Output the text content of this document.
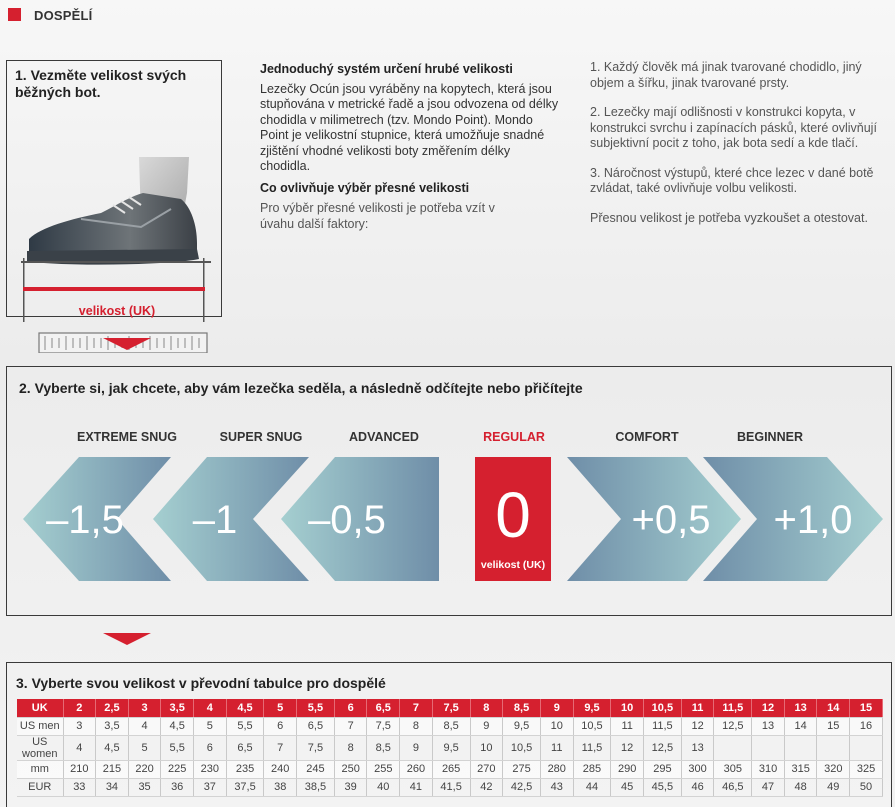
DOSPĚLÍ
1. Vezměte velikost svých běžných bot.
velikost (UK)
Jednoduchý systém určení hrubé velikosti
Lezečky Ocún jsou vyráběny na kopytech, která jsou stupňována v metrické řadě a jsou odvozena od délky chodidla v milimetrech (tzv. Mondo Point). Mondo Point je velikostní stupnice, která umožňuje snadné zjištění vhodné velikosti boty změřením délky chodidla.
Co ovlivňuje výběr přesné velikosti
Pro výběr přesné velikosti je potřeba vzít v úvahu další faktory:

1. Každý člověk má jinak tvarované chodidlo, jiný objem a šířku, jinak tvarované prsty.

2. Lezečky mají odlišnosti v konstrukci kopyta, v konstrukci svrchu i zapínacích pásků, které ovlivňují subjektivní pocit z toho, jak bota sedí a kde tlačí.

3. Náročnost výstupů, které chce lezec v dané botě zvládat, také ovlivňuje volbu velikosti.

Přesnou velikost je potřeba vyzkoušet a otestovat.

2. Vyberte si, jak chcete, aby vám lezečka seděla, a následně odčítejte nebo přičítejte
EXTREME SNUG	SUPER SNUG	ADVANCED	REGULAR	COMFORT	BEGINNER
–1,5 –1 –0,5 0
velikost (UK)
+0,5 +1,0
3. Vyberte svou velikost v převodní tabulce pro dospělé
UK	2	2,5	3	3,5	4	4,5	5	5,5	6	6,5	7	7,5	8	8,5	9	9,5	10	10,5	11	11,5	12	13	14	15
US men	3	3,5	4	4,5	5	5,5	6	6,5	7	7,5	8	8,5	9	9,5	10	10,5	11	11,5	12	12,5	13	14	15	16
US women	4	4,5	5	5,5	6	6,5	7	7,5	8	8,5	9	9,5	10	10,5	11	11,5	12	12,5	13					
mm	210	215	220	225	230	235	240	245	250	255	260	265	270	275	280	285	290	295	300	305	310	315	320	325
EUR	33	34	35	36	37	37,5	38	38,5	39	40	41	41,5	42	42,5	43	44	45	45,5	46	46,5	47	48	49	50
